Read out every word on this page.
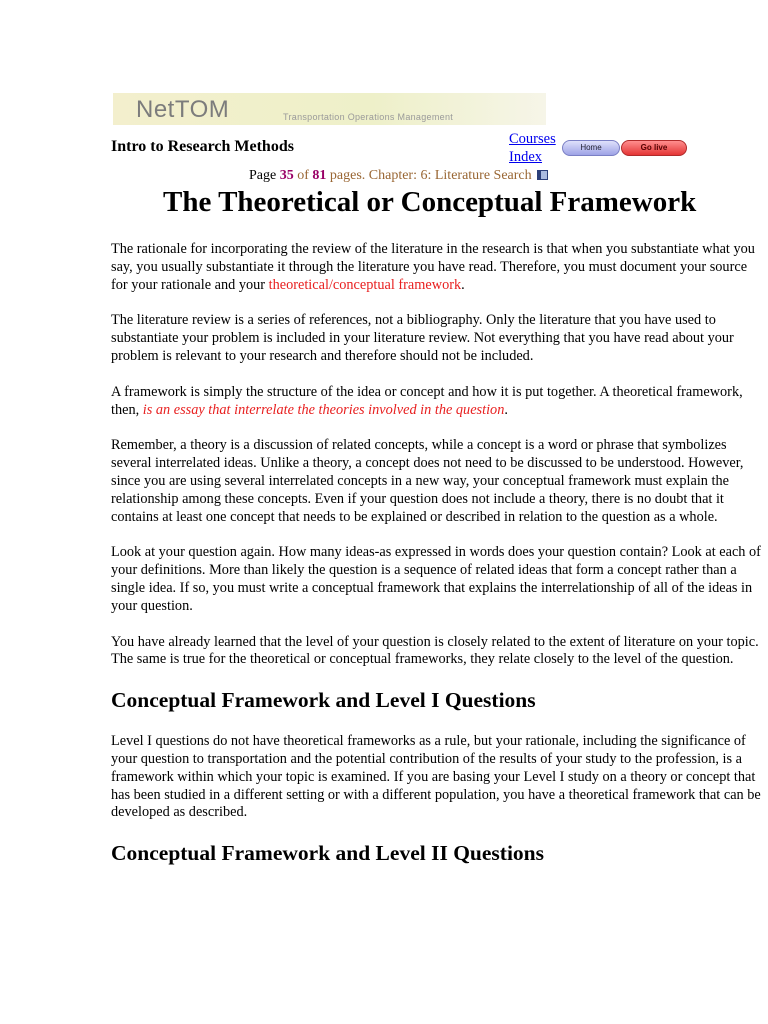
NetTOM	Transportation Operations Management
Intro to Research Methods	Courses
Index
Home	Go live
Page 35 of 81 pages. Chapter: 6: Literature Search
The Theoretical or Conceptual Framework

The rationale for incorporating the review of the literature in the research is that when you substantiate what you say, you usually substantiate it through the literature you have read. Therefore, you must document your source for your rationale and your theoretical/conceptual framework.

The literature review is a series of references, not a bibliography. Only the literature that you have used to substantiate your problem is included in your literature review. Not everything that you have read about your problem is relevant to your research and therefore should not be included.

A framework is simply the structure of the idea or concept and how it is put together. A theoretical framework, then, is an essay that interrelate the theories involved in the question.

Remember, a theory is a discussion of related concepts, while a concept is a word or phrase that symbolizes several interrelated ideas. Unlike a theory, a concept does not need to be discussed to be understood. However, since you are using several interrelated concepts in a new way, your conceptual framework must explain the relationship among these concepts. Even if your question does not include a theory, there is no doubt that it contains at least one concept that needs to be explained or described in relation to the question as a whole.

Look at your question again. How many ideas-as expressed in words does your question contain? Look at each of your definitions. More than likely the question is a sequence of related ideas that form a concept rather than a single idea. If so, you must write a conceptual framework that explains the interrelationship of all of the ideas in your question.

You have already learned that the level of your question is closely related to the extent of literature on your topic. The same is true for the theoretical or conceptual frameworks, they relate closely to the level of the question.

Conceptual Framework and Level I Questions

Level I questions do not have theoretical frameworks as a rule, but your rationale, including the significance of your question to transportation and the potential contribution of the results of your study to the profession, is a framework within which your topic is examined. If you are basing your Level I study on a theory or concept that has been studied in a different setting or with a different population, you have a theoretical framework that can be developed as described.

Conceptual Framework and Level II Questions
